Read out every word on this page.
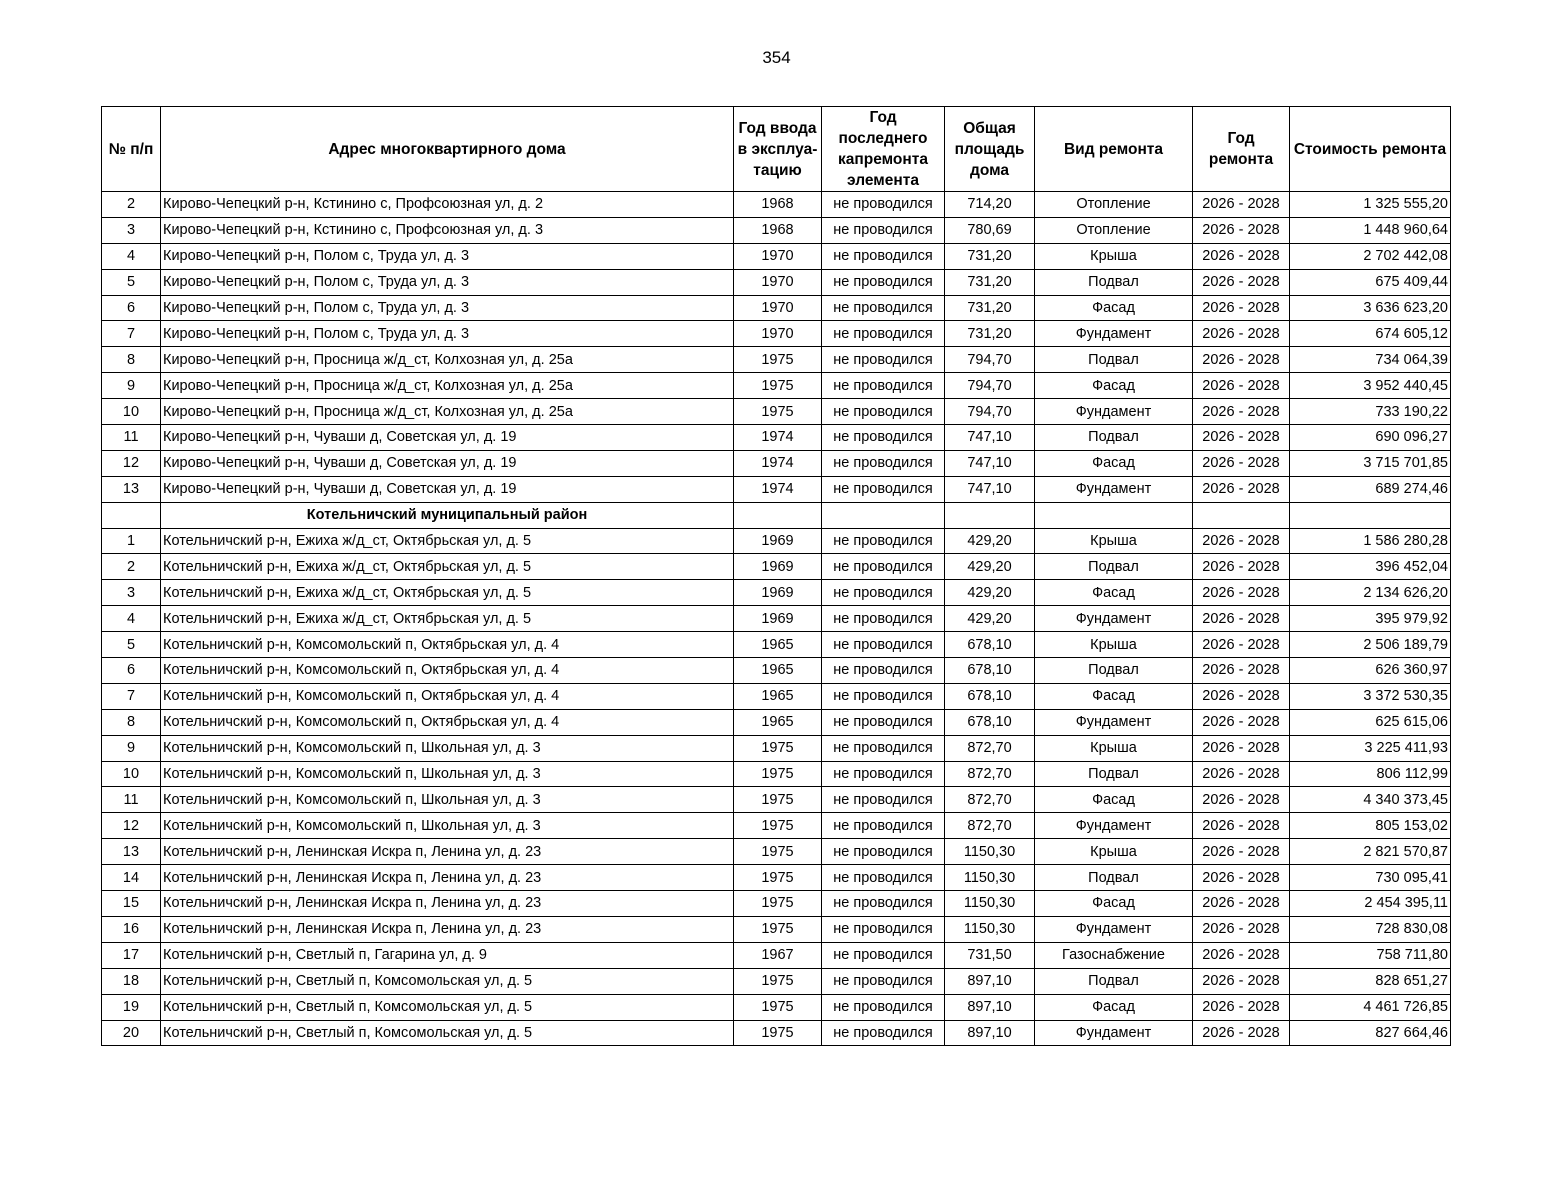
354
№ п/п	Адрес многоквартирного дома	Год ввода в эксплуа-тацию	Год последнего капремонта элемента	Общая площадь дома	Вид ремонта	Год ремонта	Стоимость ремонта
2	Кирово-Чепецкий р-н, Кстинино с, Профсоюзная ул, д. 2	1968	не проводился	714,20	Отопление	2026 - 2028	1 325 555,20
3	Кирово-Чепецкий р-н, Кстинино с, Профсоюзная ул, д. 3	1968	не проводился	780,69	Отопление	2026 - 2028	1 448 960,64
4	Кирово-Чепецкий р-н, Полом с, Труда ул, д. 3	1970	не проводился	731,20	Крыша	2026 - 2028	2 702 442,08
5	Кирово-Чепецкий р-н, Полом с, Труда ул, д. 3	1970	не проводился	731,20	Подвал	2026 - 2028	675 409,44
6	Кирово-Чепецкий р-н, Полом с, Труда ул, д. 3	1970	не проводился	731,20	Фасад	2026 - 2028	3 636 623,20
7	Кирово-Чепецкий р-н, Полом с, Труда ул, д. 3	1970	не проводился	731,20	Фундамент	2026 - 2028	674 605,12
8	Кирово-Чепецкий р-н, Просница ж/д_ст, Колхозная ул, д. 25а	1975	не проводился	794,70	Подвал	2026 - 2028	734 064,39
9	Кирово-Чепецкий р-н, Просница ж/д_ст, Колхозная ул, д. 25а	1975	не проводился	794,70	Фасад	2026 - 2028	3 952 440,45
10	Кирово-Чепецкий р-н, Просница ж/д_ст, Колхозная ул, д. 25а	1975	не проводился	794,70	Фундамент	2026 - 2028	733 190,22
11	Кирово-Чепецкий р-н, Чуваши д, Советская ул, д. 19	1974	не проводился	747,10	Подвал	2026 - 2028	690 096,27
12	Кирово-Чепецкий р-н, Чуваши д, Советская ул, д. 19	1974	не проводился	747,10	Фасад	2026 - 2028	3 715 701,85
13	Кирово-Чепецкий р-н, Чуваши д, Советская ул, д. 19	1974	не проводился	747,10	Фундамент	2026 - 2028	689 274,46
	Котельничский муниципальный район						
1	Котельничский р-н, Ежиха ж/д_ст, Октябрьская ул, д. 5	1969	не проводился	429,20	Крыша	2026 - 2028	1 586 280,28
2	Котельничский р-н, Ежиха ж/д_ст, Октябрьская ул, д. 5	1969	не проводился	429,20	Подвал	2026 - 2028	396 452,04
3	Котельничский р-н, Ежиха ж/д_ст, Октябрьская ул, д. 5	1969	не проводился	429,20	Фасад	2026 - 2028	2 134 626,20
4	Котельничский р-н, Ежиха ж/д_ст, Октябрьская ул, д. 5	1969	не проводился	429,20	Фундамент	2026 - 2028	395 979,92
5	Котельничский р-н, Комсомольский п, Октябрьская ул, д. 4	1965	не проводился	678,10	Крыша	2026 - 2028	2 506 189,79
6	Котельничский р-н, Комсомольский п, Октябрьская ул, д. 4	1965	не проводился	678,10	Подвал	2026 - 2028	626 360,97
7	Котельничский р-н, Комсомольский п, Октябрьская ул, д. 4	1965	не проводился	678,10	Фасад	2026 - 2028	3 372 530,35
8	Котельничский р-н, Комсомольский п, Октябрьская ул, д. 4	1965	не проводился	678,10	Фундамент	2026 - 2028	625 615,06
9	Котельничский р-н, Комсомольский п, Школьная ул, д. 3	1975	не проводился	872,70	Крыша	2026 - 2028	3 225 411,93
10	Котельничский р-н, Комсомольский п, Школьная ул, д. 3	1975	не проводился	872,70	Подвал	2026 - 2028	806 112,99
11	Котельничский р-н, Комсомольский п, Школьная ул, д. 3	1975	не проводился	872,70	Фасад	2026 - 2028	4 340 373,45
12	Котельничский р-н, Комсомольский п, Школьная ул, д. 3	1975	не проводился	872,70	Фундамент	2026 - 2028	805 153,02
13	Котельничский р-н, Ленинская Искра п, Ленина ул, д. 23	1975	не проводился	1150,30	Крыша	2026 - 2028	2 821 570,87
14	Котельничский р-н, Ленинская Искра п, Ленина ул, д. 23	1975	не проводился	1150,30	Подвал	2026 - 2028	730 095,41
15	Котельничский р-н, Ленинская Искра п, Ленина ул, д. 23	1975	не проводился	1150,30	Фасад	2026 - 2028	2 454 395,11
16	Котельничский р-н, Ленинская Искра п, Ленина ул, д. 23	1975	не проводился	1150,30	Фундамент	2026 - 2028	728 830,08
17	Котельничский р-н, Светлый п, Гагарина ул, д. 9	1967	не проводился	731,50	Газоснабжение	2026 - 2028	758 711,80
18	Котельничский р-н, Светлый п, Комсомольская ул, д. 5	1975	не проводился	897,10	Подвал	2026 - 2028	828 651,27
19	Котельничский р-н, Светлый п, Комсомольская ул, д. 5	1975	не проводился	897,10	Фасад	2026 - 2028	4 461 726,85
20	Котельничский р-н, Светлый п, Комсомольская ул, д. 5	1975	не проводился	897,10	Фундамент	2026 - 2028	827 664,46
